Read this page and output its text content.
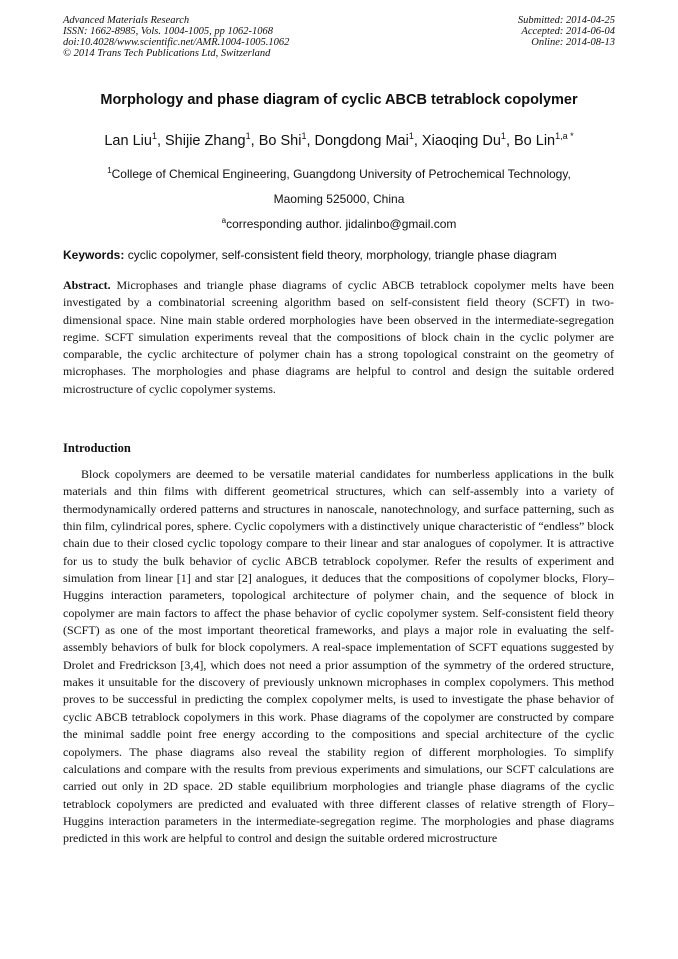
Advanced Materials Research
ISSN: 1662-8985, Vols. 1004-1005, pp 1062-1068
doi:10.4028/www.scientific.net/AMR.1004-1005.1062
© 2014 Trans Tech Publications Ltd, Switzerland
Submitted: 2014-04-25
Accepted: 2014-06-04
Online: 2014-08-13
Morphology and phase diagram of cyclic ABCB tetrablock copolymer
Lan Liu$^1$, Shijie Zhang$^1$, Bo Shi$^1$, Dongdong Mai$^1$, Xiaoqing Du$^1$, Bo Lin$^{1,a *}$
$^1$College of Chemical Engineering, Guangdong University of Petrochemical Technology,
Maoming 525000, China
$^a$corresponding author. jidalinbo@gmail.com
Keywords: cyclic copolymer, self-consistent field theory, morphology, triangle phase diagram
Abstract. Microphases and triangle phase diagrams of cyclic ABCB tetrablock copolymer melts have been investigated by a combinatorial screening algorithm based on self-consistent field theory (SCFT) in two-dimensional space. Nine main stable ordered morphologies have been observed in the intermediate-segregation regime. SCFT simulation experiments reveal that the compositions of block chain in the cyclic polymer are comparable, the cyclic architecture of polymer chain has a strong topological constraint on the geometry of microphases. The morphologies and phase diagrams are helpful to control and design the suitable ordered microstructure of cyclic copolymer systems.
Introduction
Block copolymers are deemed to be versatile material candidates for numberless applications in the bulk materials and thin films with different geometrical structures, which can self-assembly into a variety of thermodynamically ordered patterns and structures in nanoscale, nanotechnology, and surface patterning, such as thin film, cylindrical pores, sphere. Cyclic copolymers with a distinctively unique characteristic of “endless” block chain due to their closed cyclic topology compare to their linear and star analogues of copolymer. It is attractive for us to study the bulk behavior of cyclic ABCB tetrablock copolymer. Refer the results of experiment and simulation from linear [1] and star [2] analogues, it deduces that the compositions of copolymer blocks, Flory–Huggins interaction parameters, topological architecture of polymer chain, and the sequence of block in copolymer are main factors to affect the phase behavior of cyclic copolymer system. Self-consistent field theory (SCFT) as one of the most important theoretical frameworks, and plays a major role in evaluating the self-assembly behaviors of bulk for block copolymers. A real-space implementation of SCFT equations suggested by Drolet and Fredrickson [3,4], which does not need a prior assumption of the symmetry of the ordered structure, makes it unsuitable for the discovery of previously unknown microphases in complex copolymers. This method proves to be successful in predicting the complex copolymer melts, is used to investigate the phase behavior of cyclic ABCB tetrablock copolymers in this work. Phase diagrams of the copolymer are constructed by compare the minimal saddle point free energy according to the compositions and special architecture of the cyclic copolymers. The phase diagrams also reveal the stability region of different morphologies. To simplify calculations and compare with the results from previous experiments and simulations, our SCFT calculations are carried out only in 2D space. 2D stable equilibrium morphologies and triangle phase diagrams of the cyclic tetrablock copolymers are predicted and evaluated with three different classes of relative strength of Flory–Huggins interaction parameters in the intermediate-segregation regime. The morphologies and phase diagrams predicted in this work are helpful to control and design the suitable ordered microstructure
